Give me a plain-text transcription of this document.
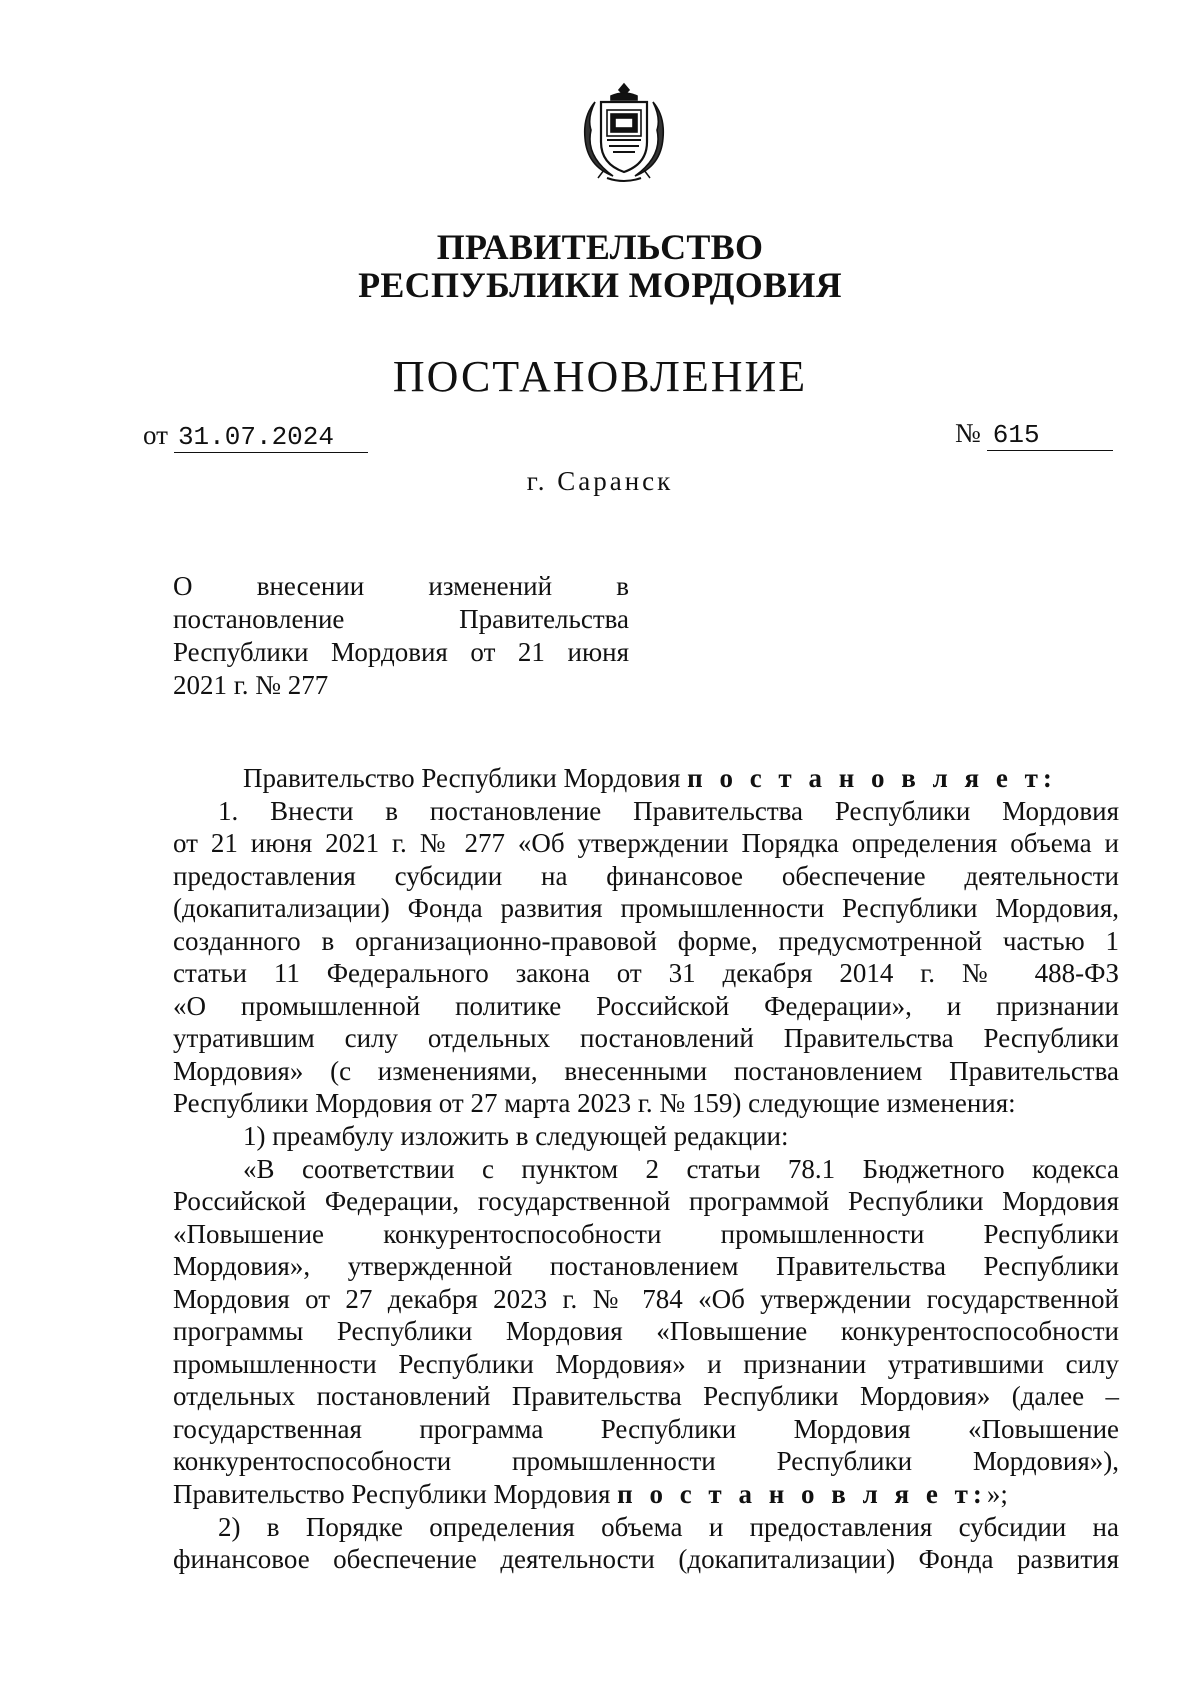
ПРАВИТЕЛЬСТВО
РЕСПУБЛИКИ МОРДОВИЯ
ПОСТАНОВЛЕНИЕ
от 31.07.2024	№ 615
г. Саранск
О внесении изменений в
постановление Правительства
Республики Мордовия от 21 июня
2021 г. № 277
Правительство Республики Мордовия п о с т а н о в л я е т:
1. Внести в постановление Правительства Республики Мордовия
от 21 июня 2021 г. № 277 «Об утверждении Порядка определения объема и
предоставления субсидии на финансовое обеспечение деятельности
(докапитализации) Фонда развития промышленности Республики Мордовия,
созданного в организационно-правовой форме, предусмотренной частью 1
статьи 11 Федерального закона от 31 декабря 2014 г. № 488-ФЗ
«О промышленной политике Российской Федерации», и признании
утратившим силу отдельных постановлений Правительства Республики
Мордовия» (с изменениями, внесенными постановлением Правительства
Республики Мордовия от 27 марта 2023 г. № 159) следующие изменения:
1) преамбулу изложить в следующей редакции:
«В соответствии с пунктом 2 статьи 78.1 Бюджетного кодекса
Российской Федерации, государственной программой Республики Мордовия
«Повышение конкурентоспособности промышленности Республики
Мордовия», утвержденной постановлением Правительства Республики
Мордовия от 27 декабря 2023 г. № 784 «Об утверждении государственной
программы Республики Мордовия «Повышение конкурентоспособности
промышленности Республики Мордовия» и признании утратившими силу
отдельных постановлений Правительства Республики Мордовия» (далее –
государственная программа Республики Мордовия «Повышение
конкурентоспособности промышленности Республики Мордовия»),
Правительство Республики Мордовия п о с т а н о в л я е т:»;
2) в Порядке определения объема и предоставления субсидии на
финансовое обеспечение деятельности (докапитализации) Фонда развития
